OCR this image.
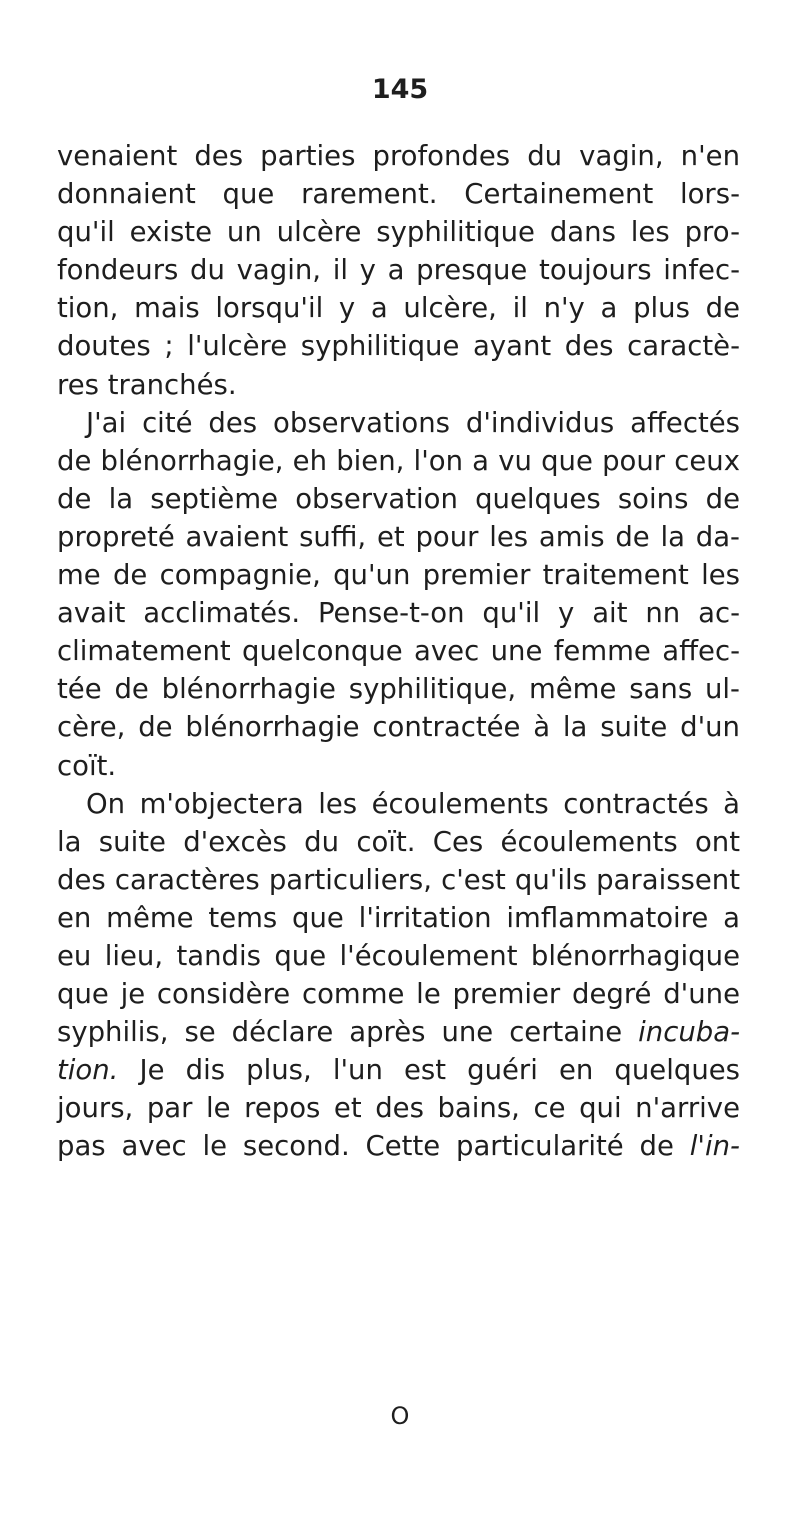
145
venaient des parties profondes du vagin, n'en
donnaient que rarement. Certainement lors-
qu'il existe un ulcère syphilitique dans les pro-
fondeurs du vagin, il y a presque toujours infec-
tion, mais lorsqu'il y a ulcère, il n'y a plus de
doutes ; l'ulcère syphilitique ayant des caractè-
res tranchés.
J'ai cité des observations d'individus affectés
de blénorrhagie, eh bien, l'on a vu que pour ceux
de la septième observation quelques soins de
propreté avaient suffi, et pour les amis de la da-
me de compagnie, qu'un premier traitement les
avait acclimatés. Pense-t-on qu'il y ait nn ac-
climatement quelconque avec une femme affec-
tée de blénorrhagie syphilitique, même sans ul-
cère, de blénorrhagie contractée à la suite d'un
coït.
On m'objectera les écoulements contractés à
la suite d'excès du coït. Ces écoulements ont
des caractères particuliers, c'est qu'ils paraissent
en même tems que l'irritation imflammatoire a
eu lieu, tandis que l'écoulement blénorrhagique
que je considère comme le premier degré d'une
syphilis, se déclare après une certaine incuba-
tion. Je dis plus, l'un est guéri en quelques
jours, par le repos et des bains, ce qui n'arrive
pas avec le second. Cette particularité de l'in-
O
